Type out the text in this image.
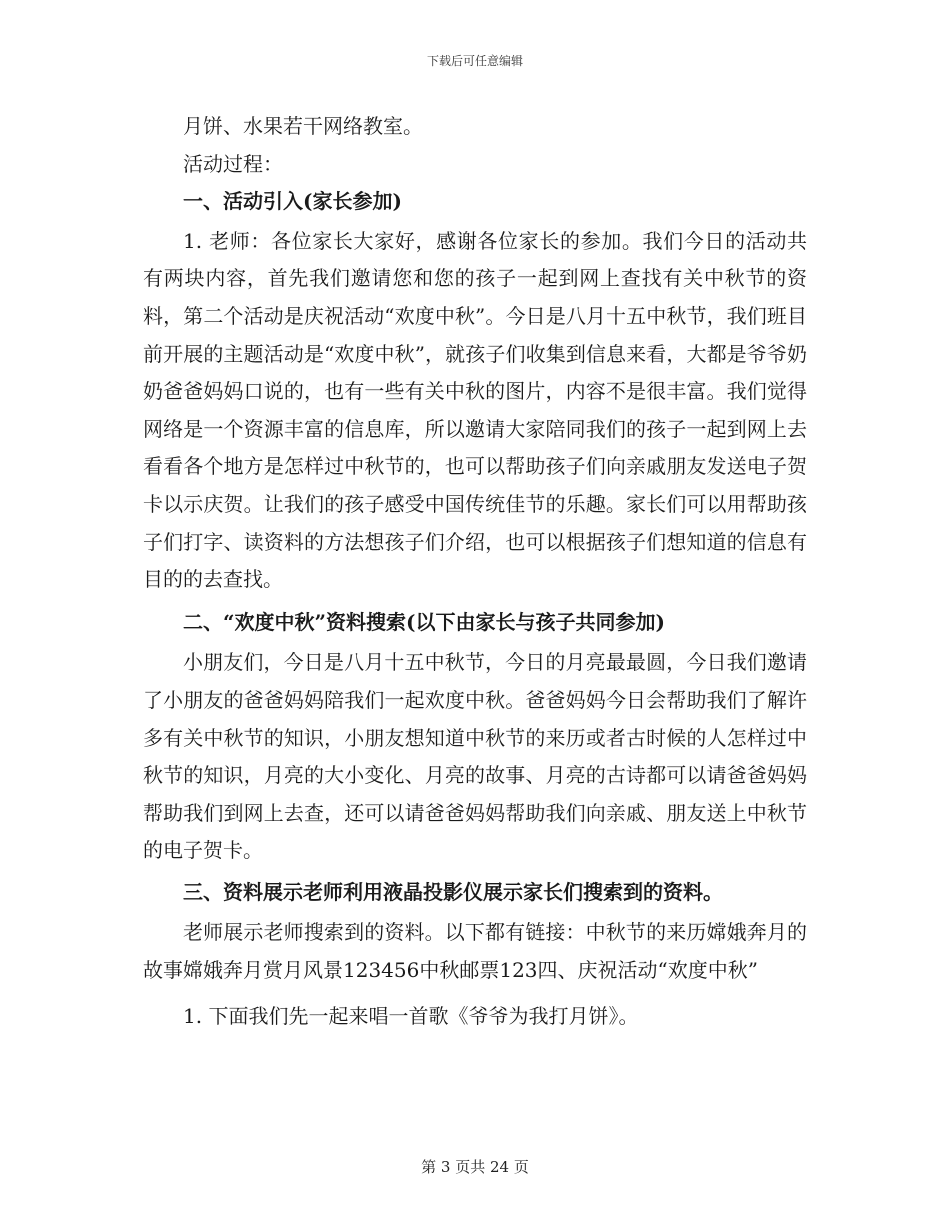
下载后可任意编辑

月饼、水果若干网络教室。

活动过程：

一、活动引入(家长参加)

1. 老师：各位家长大家好，感谢各位家长的参加。我们今日的活动共有两块内容，首先我们邀请您和您的孩子一起到网上查找有关中秋节的资料，第二个活动是庆祝活动“欢度中秋”。今日是八月十五中秋节，我们班目前开展的主题活动是“欢度中秋”，就孩子们收集到信息来看，大都是爷爷奶奶爸爸妈妈口说的，也有一些有关中秋的图片，内容不是很丰富。我们觉得网络是一个资源丰富的信息库，所以邀请大家陪同我们的孩子一起到网上去看看各个地方是怎样过中秋节的，也可以帮助孩子们向亲戚朋友发送电子贺卡以示庆贺。让我们的孩子感受中国传统佳节的乐趣。家长们可以用帮助孩子们打字、读资料的方法想孩子们介绍，也可以根据孩子们想知道的信息有目的的去查找。

二、“欢度中秋”资料搜索(以下由家长与孩子共同参加)

小朋友们，今日是八月十五中秋节，今日的月亮最最圆，今日我们邀请了小朋友的爸爸妈妈陪我们一起欢度中秋。爸爸妈妈今日会帮助我们了解许多有关中秋节的知识，小朋友想知道中秋节的来历或者古时候的人怎样过中秋节的知识，月亮的大小变化、月亮的故事、月亮的古诗都可以请爸爸妈妈帮助我们到网上去查，还可以请爸爸妈妈帮助我们向亲戚、朋友送上中秋节的电子贺卡。

三、资料展示老师利用液晶投影仪展示家长们搜索到的资料。

老师展示老师搜索到的资料。以下都有链接：中秋节的来历嫦娥奔月的故事嫦娥奔月赏月风景123456中秋邮票123四、庆祝活动“欢度中秋”

1. 下面我们先一起来唱一首歌《爷爷为我打月饼》。

第 3 页共 24 页
